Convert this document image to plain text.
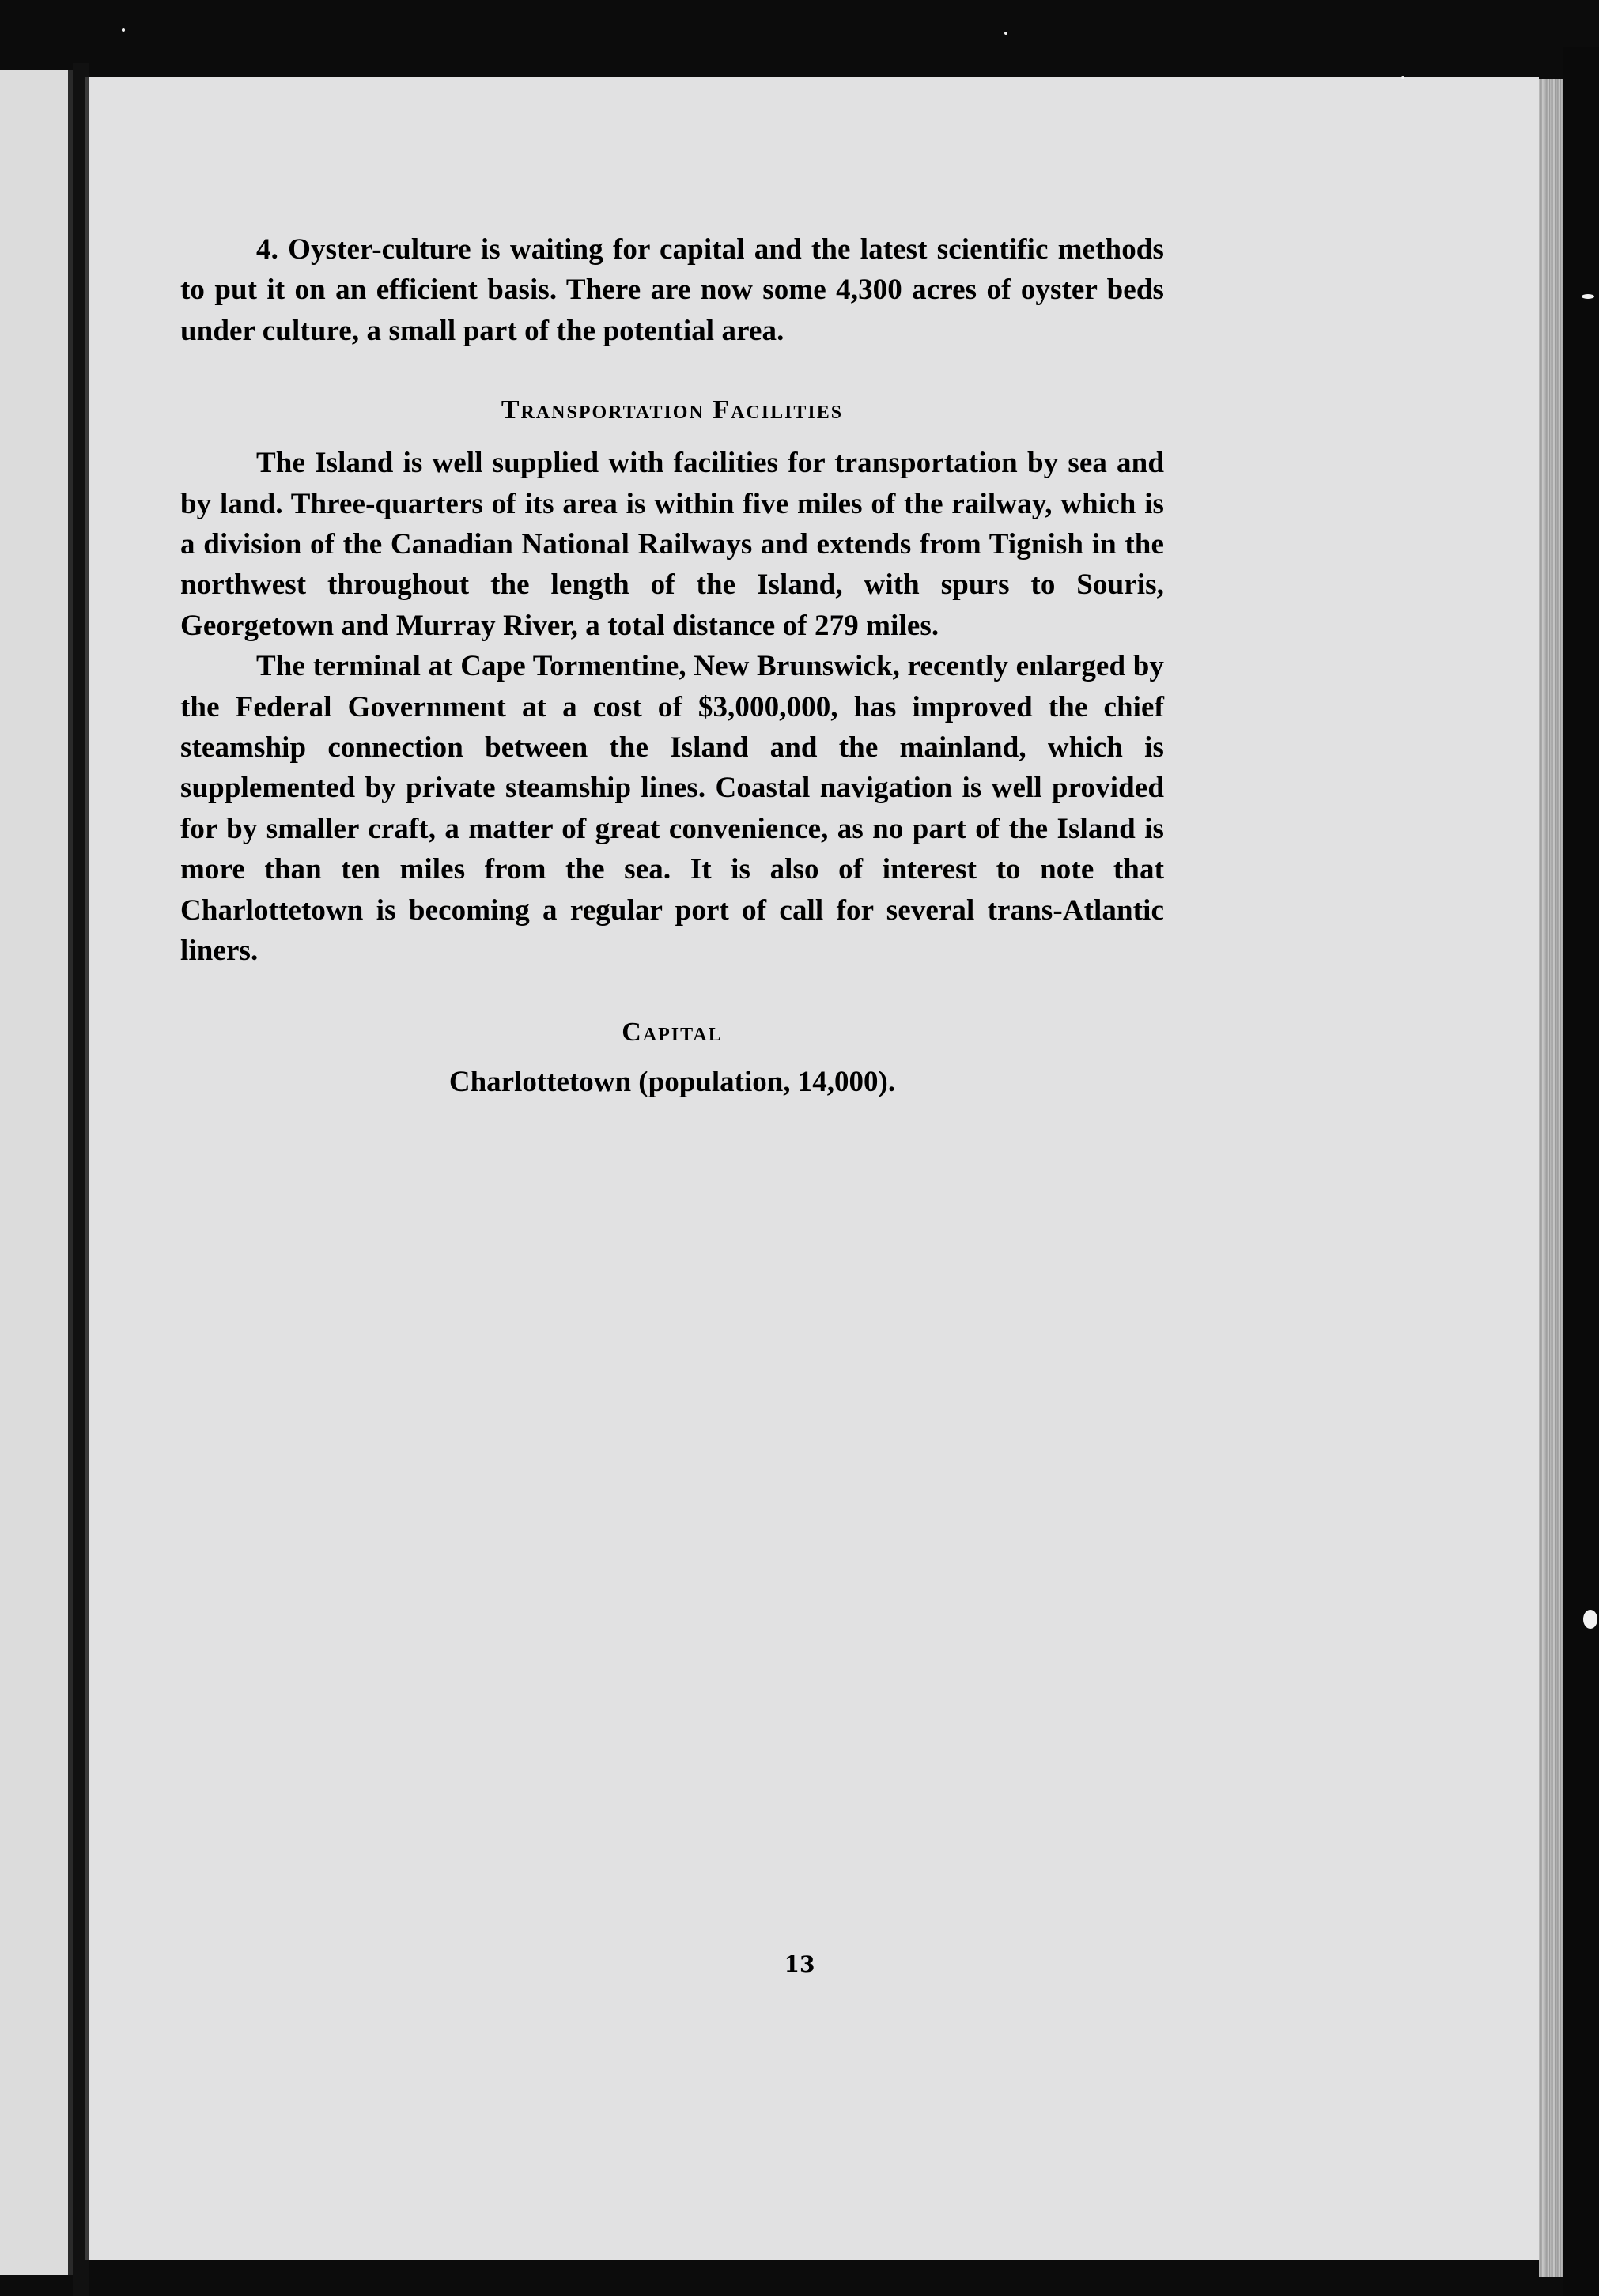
4. Oyster-culture is waiting for capital and the latest scientific methods to put it on an efficient basis. There are now some 4,300 acres of oyster beds under culture, a small part of the potential area.

Transportation Facilities

The Island is well supplied with facilities for transportation by sea and by land. Three-quarters of its area is within five miles of the railway, which is a division of the Canadian National Railways and extends from Tignish in the northwest throughout the length of the Island, with spurs to Souris, Georgetown and Murray River, a total distance of 279 miles.

The terminal at Cape Tormentine, New Brunswick, recently enlarged by the Federal Government at a cost of $3,000,000, has improved the chief steamship connection between the Island and the mainland, which is supplemented by private steamship lines. Coastal navigation is well provided for by smaller craft, a matter of great convenience, as no part of the Island is more than ten miles from the sea. It is also of interest to note that Charlottetown is becoming a regular port of call for several trans-Atlantic liners.

Capital

Charlottetown (population, 14,000).

13
